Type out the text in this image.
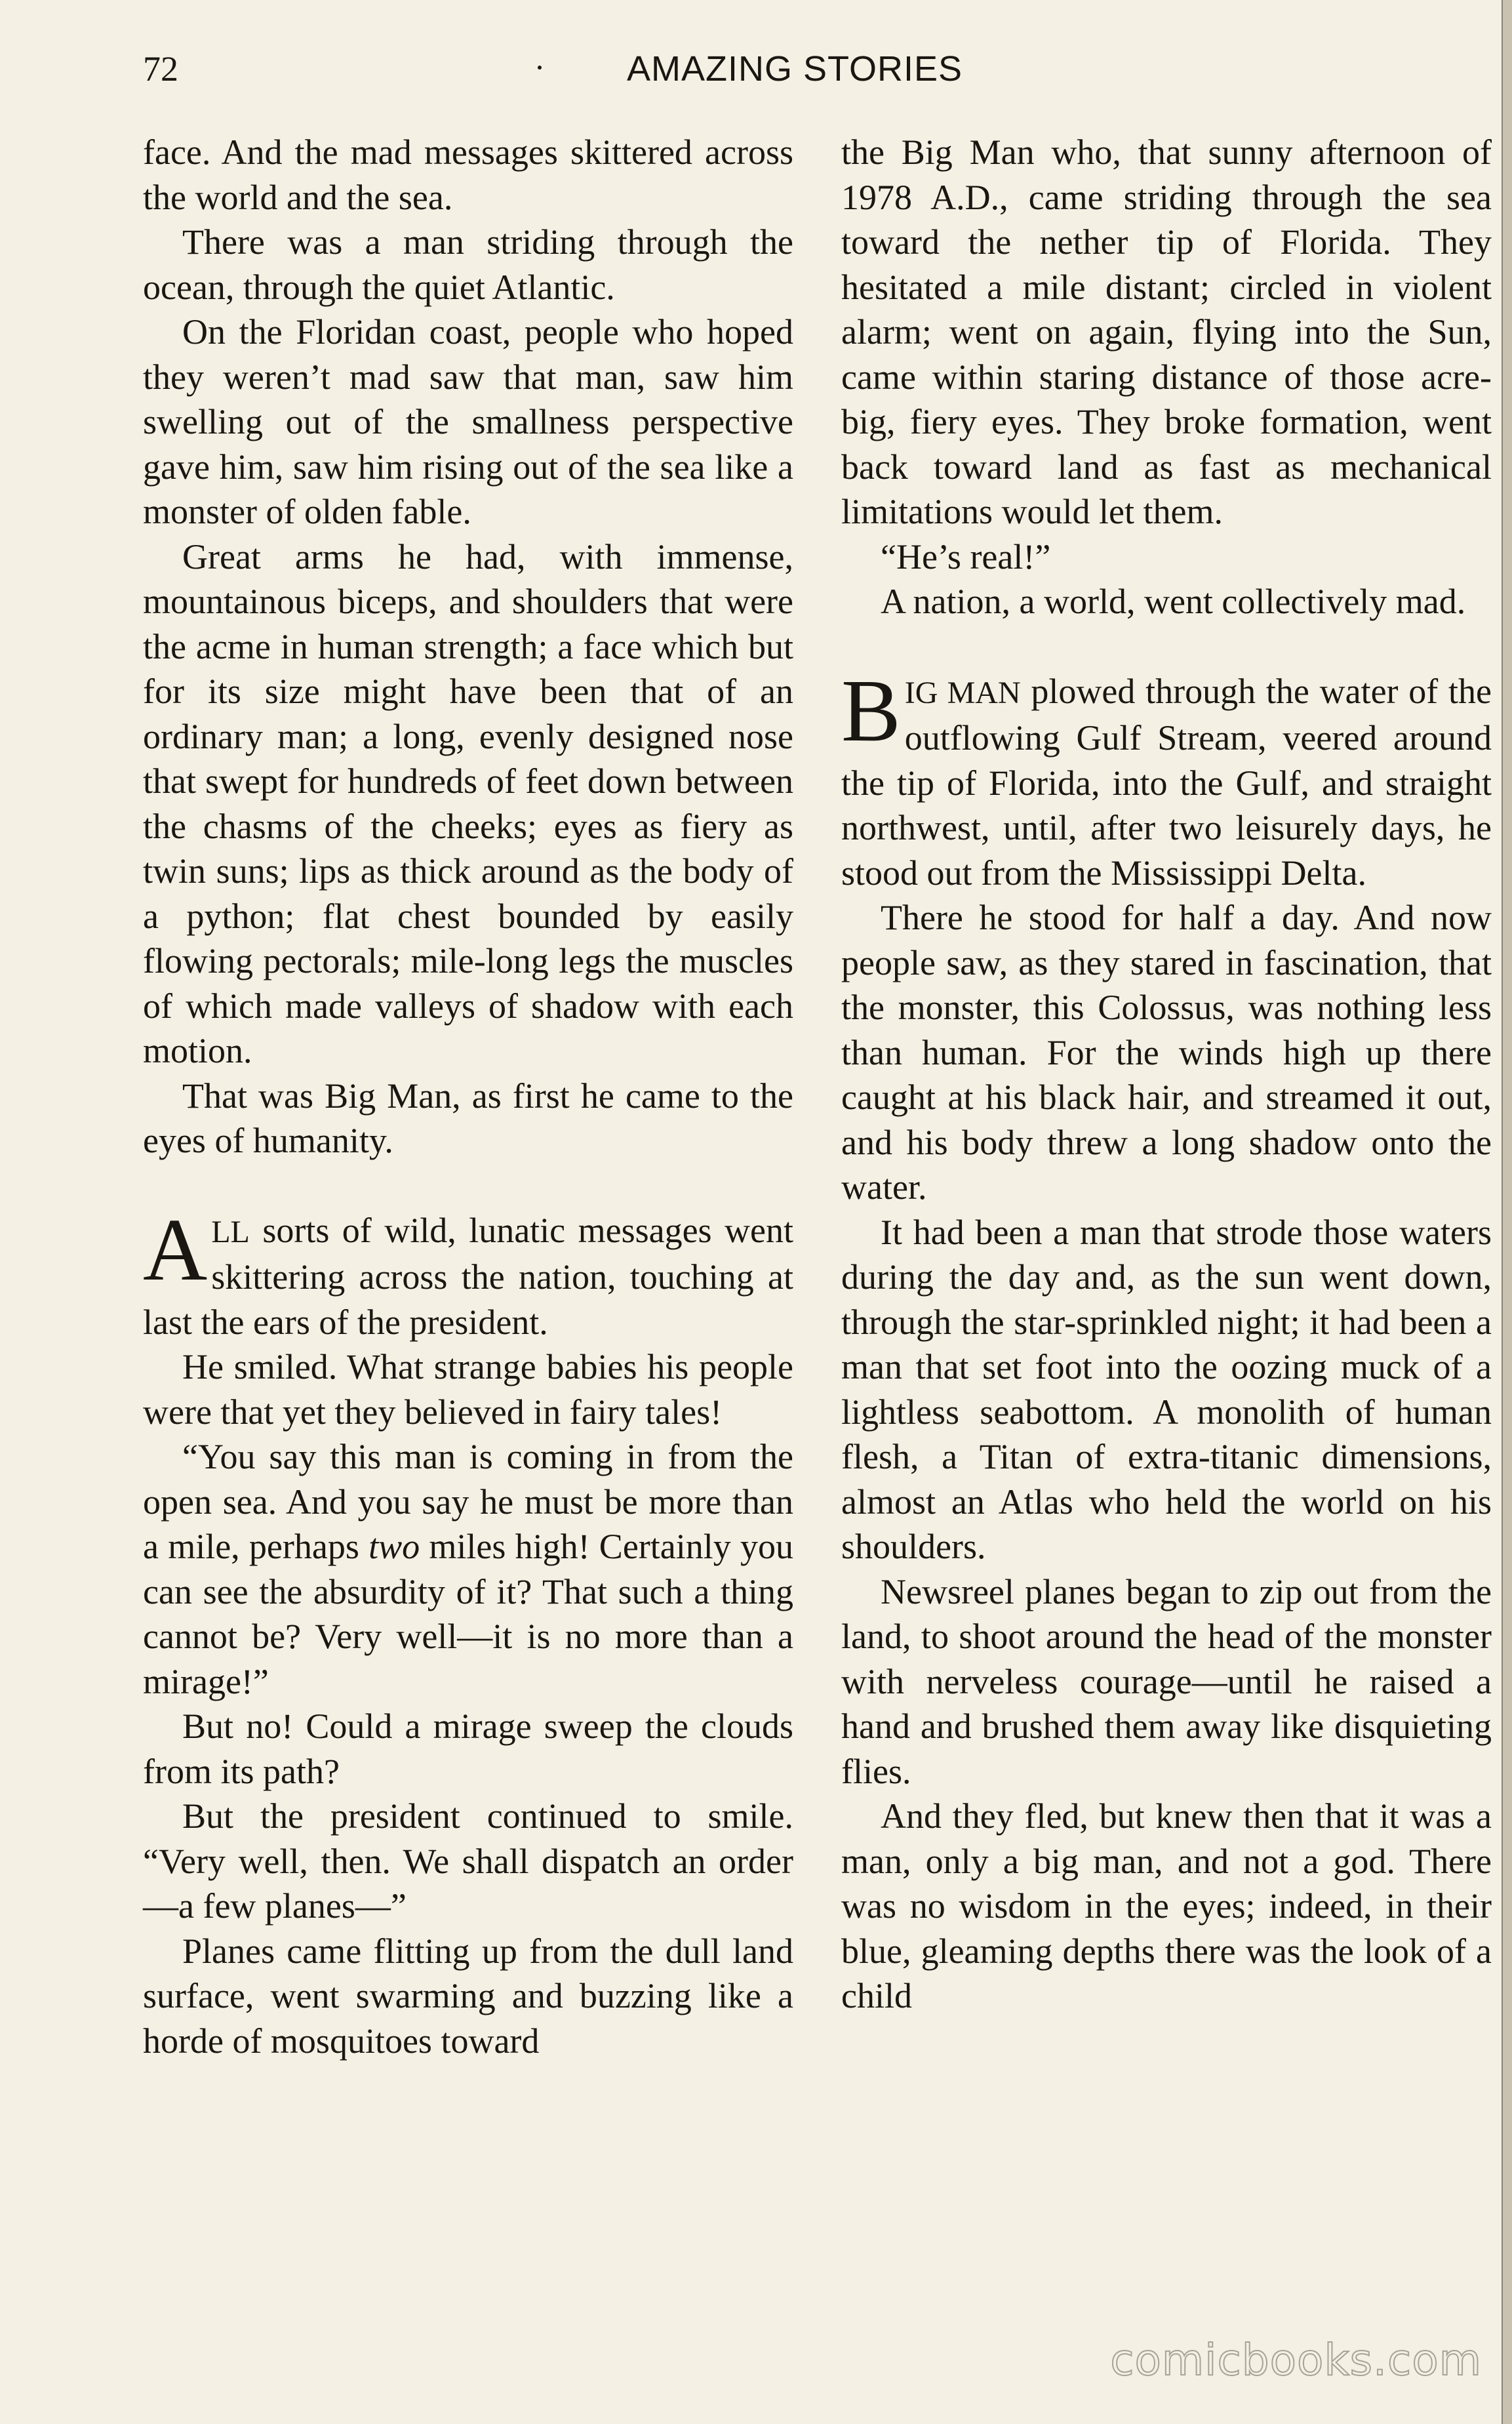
72	AMAZING STORIES

face. And the mad messages skittered across the world and the sea.

There was a man striding through the ocean, through the quiet Atlantic.

On the Floridan coast, people who hoped they weren’t mad saw that man, saw him swelling out of the smallness perspective gave him, saw him rising out of the sea like a monster of olden fable.

Great arms he had, with immense, mountainous biceps, and shoulders that were the acme in human strength; a face which but for its size might have been that of an ordinary man; a long, evenly designed nose that swept for hundreds of feet down between the chasms of the cheeks; eyes as fiery as twin suns; lips as thick around as the body of a python; flat chest bounded by easily flowing pectorals; mile-long legs the muscles of which made valleys of shadow with each motion.

That was Big Man, as first he came to the eyes of humanity.

ALL sorts of wild, lunatic messages went skittering across the nation, touching at last the ears of the president.

He smiled. What strange babies his people were that yet they believed in fairy tales!

“You say this man is coming in from the open sea. And you say he must be more than a mile, perhaps two miles high! Certainly you can see the absurdity of it? That such a thing cannot be? Very well—it is no more than a mirage!”

But no! Could a mirage sweep the clouds from its path?

But the president continued to smile. “Very well, then. We shall dispatch an order—a few planes—”

Planes came flitting up from the dull land surface, went swarming and buzzing like a horde of mosquitoes toward

the Big Man who, that sunny afternoon of 1978 A.D., came striding through the sea toward the nether tip of Florida. They hesitated a mile distant; circled in violent alarm; went on again, flying into the Sun, came within staring distance of those acre-big, fiery eyes. They broke formation, went back toward land as fast as mechanical limitations would let them.

“He’s real!”

A nation, a world, went collectively mad.

BIG MAN plowed through the water of the outflowing Gulf Stream, veered around the tip of Florida, into the Gulf, and straight northwest, until, after two leisurely days, he stood out from the Mississippi Delta.

There he stood for half a day. And now people saw, as they stared in fascination, that the monster, this Colossus, was nothing less than human. For the winds high up there caught at his black hair, and streamed it out, and his body threw a long shadow onto the water.

It had been a man that strode those waters during the day and, as the sun went down, through the star-sprinkled night; it had been a man that set foot into the oozing muck of a lightless seabottom. A monolith of human flesh, a Titan of extra-titanic dimensions, almost an Atlas who held the world on his shoulders.

Newsreel planes began to zip out from the land, to shoot around the head of the monster with nerveless courage—until he raised a hand and brushed them away like disquieting flies.

And they fled, but knew then that it was a man, only a big man, and not a god. There was no wisdom in the eyes; indeed, in their blue, gleaming depths there was the look of a child

comicbooks.com
